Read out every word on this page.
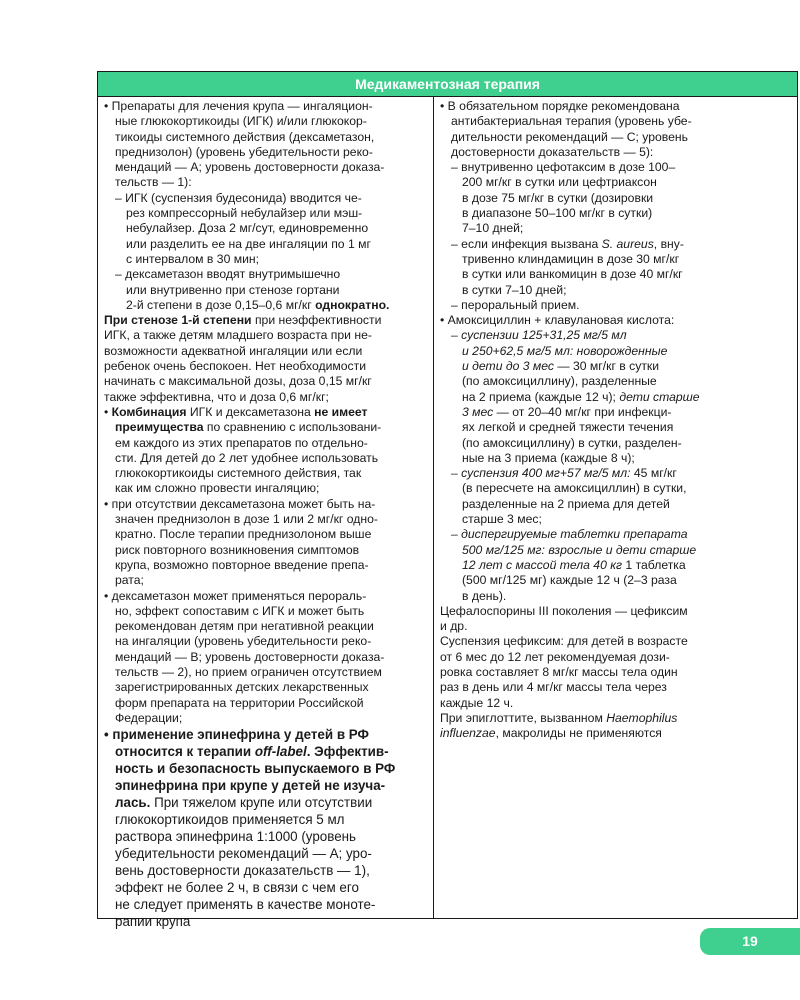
Медикаментозная терапия
• Препараты для лечения крупа — ингаляцион-
ные глюкокортикоиды (ИГК) и/или глюкокор-
тикоиды системного действия (дексаметазон,
преднизолон) (уровень убедительности реко-
мендаций — А; уровень достоверности доказа-
тельств — 1):
– ИГК (суспензия будесонида) вводится че-
рез компрессорный небулайзер или мэш-
небулайзер. Доза 2 мг/сут, единовременно
или разделить ее на две ингаляции по 1 мг
с интервалом в 30 мин;
– дексаметазон вводят внутримышечно
или внутривенно при стенозе гортани
2-й степени в дозе 0,15–0,6 мг/кг однократно.
При стенозе 1-й степени при неэффективности
ИГК, а также детям младшего возраста при не-
возможности адекватной ингаляции или если
ребенок очень беспокоен. Нет необходимости
начинать с максимальной дозы, доза 0,15 мг/кг
также эффективна, что и доза 0,6 мг/кг;
• Комбинация ИГК и дексаметазона не имеет
преимущества по сравнению с использовани-
ем каждого из этих препаратов по отдельно-
сти. Для детей до 2 лет удобнее использовать
глюкокортикоиды системного действия, так
как им сложно провести ингаляцию;
• при отсутствии дексаметазона может быть на-
значен преднизолон в дозе 1 или 2 мг/кг одно-
кратно. После терапии преднизолоном выше
риск повторного возникновения симптомов
крупа, возможно повторное введение препа-
рата;
• дексаметазон может применяться перораль-
но, эффект сопоставим с ИГК и может быть
рекомендован детям при негативной реакции
на ингаляции (уровень убедительности реко-
мендаций — В; уровень достоверности доказа-
тельств — 2), но прием ограничен отсутствием
зарегистрированных детских лекарственных
форм препарата на территории Российской
Федерации;
• применение эпинефрина у детей в РФ
относится к терапии off-label. Эффектив-
ность и безопасность выпускаемого в РФ
эпинефрина при крупе у детей не изуча-
лась. При тяжелом крупе или отсутствии
глюкокортикоидов применяется 5 мл
раствора эпинефрина 1:1000 (уровень
убедительности рекомендаций — А; уро-
вень достоверности доказательств — 1),
эффект не более 2 ч, в связи с чем его
не следует применять в качестве моноте-
рапии крупа
• В обязательном порядке рекомендована
антибактериальная терапия (уровень убе-
дительности рекомендаций — С; уровень
достоверности доказательств — 5):
– внутривенно цефотаксим в дозе 100–
200 мг/кг в сутки или цефтриаксон
в дозе 75 мг/кг в сутки (дозировки
в диапазоне 50–100 мг/кг в сутки)
7–10 дней;
– если инфекция вызвана S. aureus, вну-
тривенно клиндамицин в дозе 30 мг/кг
в сутки или ванкомицин в дозе 40 мг/кг
в сутки 7–10 дней;
– пероральный прием.
• Амоксициллин + клавулановая кислота:
– суспензии 125+31,25 мг/5 мл
и 250+62,5 мг/5 мл: новорожденные
и дети до 3 мес — 30 мг/кг в сутки
(по амоксициллину), разделенные
на 2 приема (каждые 12 ч); дети старше
3 мес — от 20–40 мг/кг при инфекци-
ях легкой и средней тяжести течения
(по амоксициллину) в сутки, разделен-
ные на 3 приема (каждые 8 ч);
– суспензия 400 мг+57 мг/5 мл: 45 мг/кг
(в пересчете на амоксициллин) в сутки,
разделенные на 2 приема для детей
старше 3 мес;
– диспергируемые таблетки препарата
500 мг/125 мг: взрослые и дети старше
12 лет с массой тела 40 кг 1 таблетка
(500 мг/125 мг) каждые 12 ч (2–3 раза
в день).
Цефалоспорины III поколения — цефиксим
и др.
Суспензия цефиксим: для детей в возрасте
от 6 мес до 12 лет рекомендуемая дози-
ровка составляет 8 мг/кг массы тела один
раз в день или 4 мг/кг массы тела через
каждые 12 ч.
При эпиглоттите, вызванном Haemophilus
influenzae, макролиды не применяются
19
